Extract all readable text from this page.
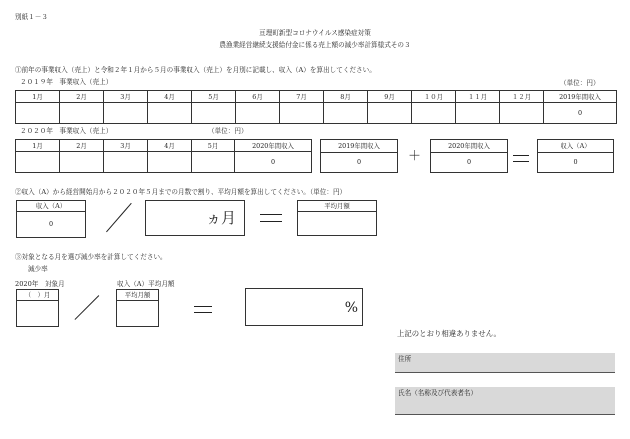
別紙１－３
亘理町新型コロナウイルス感染症対策
農漁業経営継続支援給付金に係る売上額の減少率計算様式その３
①前年の事業収入（売上）と令和２年１月から５月の事業収入（売上）を月別に記載し、収入（A）を算出してください。
２０１９年　事業収入（売上）	（単位：円）
1月	2月	3月	4月	5月	6月	7月	8月	9月	１０月	１１月	１２月	2019年間収入
												0
２０２０年　事業収入（売上）	（単位：円）
1月	2月	3月	4月	5月	2020年間収入
					0
2019年間収入
0	＋
2020年間収入
0
収入（A）
0
②収入（A）から経営開始月から２０２０年５月までの月数で割り、平均月額を算出してください。（単位：円）
収入（A）
0	ヵ月
平均月額
③対象となる月を選び減少率を計算してください。
減少率
2020年　対象月	収入（A）平均月額
（　）月	平均月額
%
上記のとおり相違ありません。
住所
氏名（名称及び代表者名）
